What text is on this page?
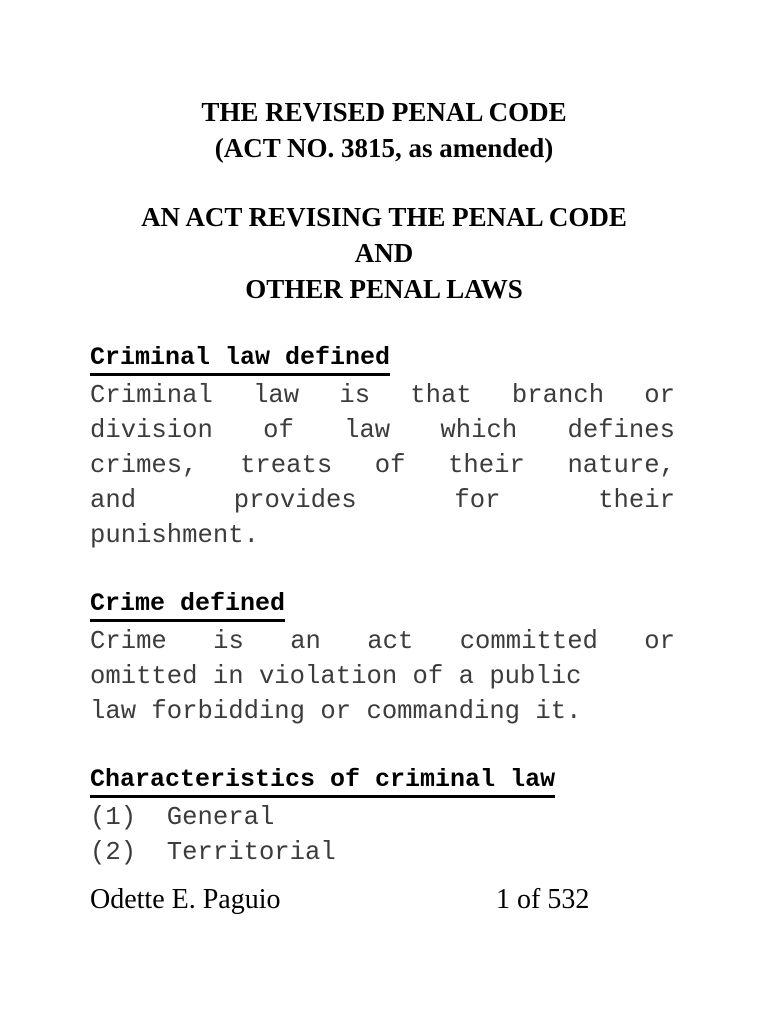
THE REVISED PENAL CODE
(ACT NO. 3815, as amended)
AN ACT REVISING THE PENAL CODE
AND
OTHER PENAL LAWS
Criminal law defined
Criminal law is that branch or
division of law which defines
crimes, treats of their nature,
and	provides	for	their
punishment.
Crime defined
Crime is an act committed or
omitted in violation of a public
law forbidding or commanding it.
Characteristics of criminal law
(1)  General
(2)  Territorial
Odette E. Paguio	1 of 532
